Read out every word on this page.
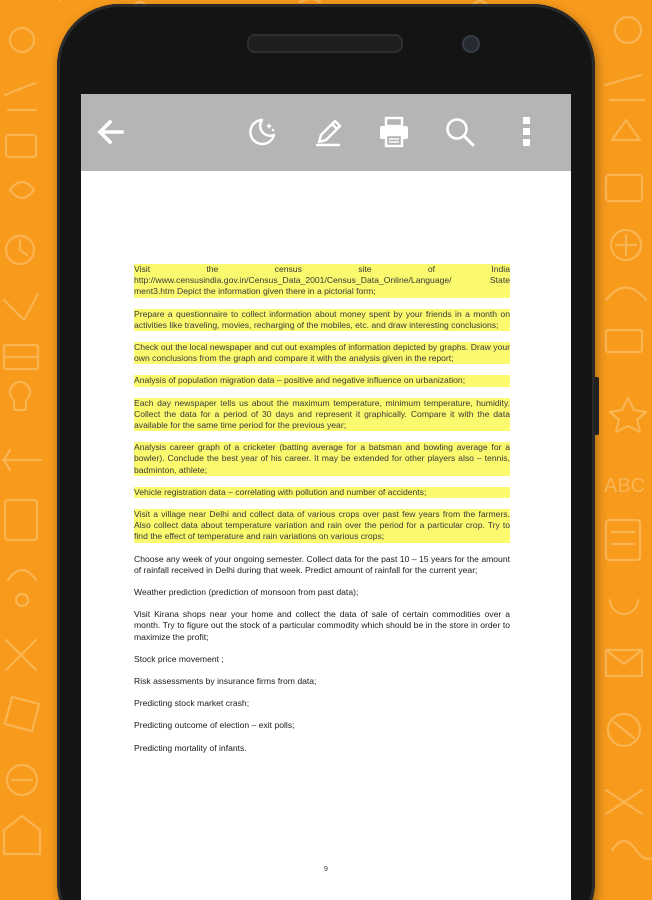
ABC

Visit the census site of India http://www.censusindia.gov.in/Census_Data_2001/Census_Data_Online/Language/ State ment3.htm Depict the information given there in a pictorial form;

Prepare a questionnaire to collect information about money spent by your friends in a month on activities like traveling, movies, recharging of the mobiles, etc. and draw interesting conclusions;

Check out the local newspaper and cut out examples of information depicted by graphs. Draw your own conclusions from the graph and compare it with the analysis given in the report;

Analysis of population migration data – positive and negative influence on urbanization;

Each day newspaper tells us about the maximum temperature, minimum temperature, humidity. Collect the data for a period of 30 days and represent it graphically. Compare it with the data available for the same time period for the previous year;

Analysis career graph of a cricketer (batting average for a batsman and bowling average for a bowler). Conclude the best year of his career. It may be extended for other players also – tennis, badminton, athlete;

Vehicle registration data – correlating with pollution and number of accidents;

Visit a village near Delhi and collect data of various crops over past few years from the farmers. Also collect data about temperature variation and rain over the period for a particular crop. Try to find the effect of temperature and rain variations on various crops;

Choose any week of your ongoing semester. Collect data for the past 10 – 15 years for the amount of rainfall received in Delhi during that week. Predict amount of rainfall for the current year;

Weather prediction (prediction of monsoon from past data);

Visit Kirana shops near your home and collect the data of sale of certain commodities over a month. Try to figure out the stock of a particular commodity which should be in the store in order to maximize the profit;

Stock price movement ;

Risk assessments by insurance firms from data;

Predicting stock market crash;

Predicting outcome of election – exit polls;

Predicting mortality of infants.

9
